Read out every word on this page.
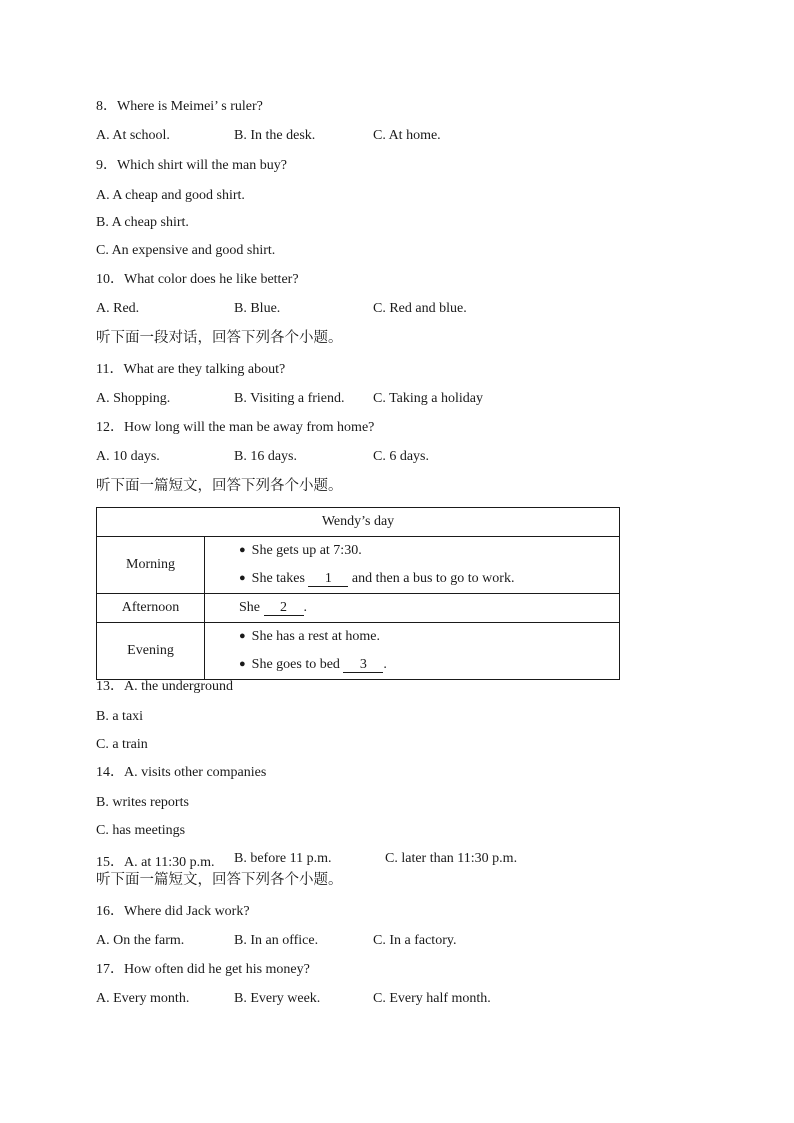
8．Where is Meimei’ s ruler?
A. At school.	B. In the desk.	C. At home.
9．Which shirt will the man buy?
A. A cheap and good shirt.
B. A cheap shirt.
C. An expensive and good shirt.
10．What color does he like better?
A. Red.	B. Blue.	C. Red and blue.
听下面一段对话，回答下列各个小题。
11．What are they talking about?
A. Shopping.	B. Visiting a friend. C. Taking a holiday
12．How long will the man be away from home?
A. 10 days.	B. 16 days.	C. 6 days.
听下面一篇短文，回答下列各个小题。
Wendy’s day	
Morning	● She gets up at 7:30.
● She takes 1 and then a bus to go to work.

Afternoon	She 2 .

Evening	● She has a rest at home.
● She goes to bed 3 .
13．A. the underground
B. a taxi
C. a train
14．A. visits other companies
B. writes reports
C. has meetings
15．A. at 11:30 p.m. B. before 11 p.m.	C. later than 11:30 p.m.
听下面一篇短文，回答下列各个小题。
16．Where did Jack work?
A. On the farm.	B. In an office.	C. In a factory.
17．How often did he get his money?
A. Every month.	B. Every week.	C. Every half month.
